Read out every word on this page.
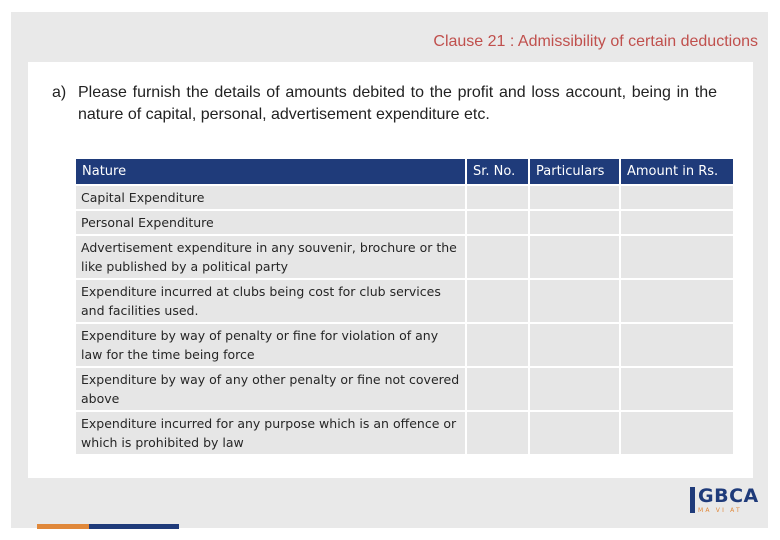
Clause 21 : Admissibility of certain deductions
a) Please furnish the details of amounts debited to the profit and loss account, being in the nature of capital, personal, advertisement expenditure etc.
Nature	Sr. No.	Particulars	Amount in Rs.
Capital Expenditure			
Personal Expenditure			
Advertisement expenditure in any souvenir, brochure or the like published by a political party			
Expenditure incurred at clubs being cost for club services and facilities used.			
Expenditure by way of penalty or fine for violation of any law for the time being force			
Expenditure by way of any other penalty or fine not covered above			
Expenditure incurred for any purpose which is an offence or which is prohibited by law			
GBCA
MA VI AT
